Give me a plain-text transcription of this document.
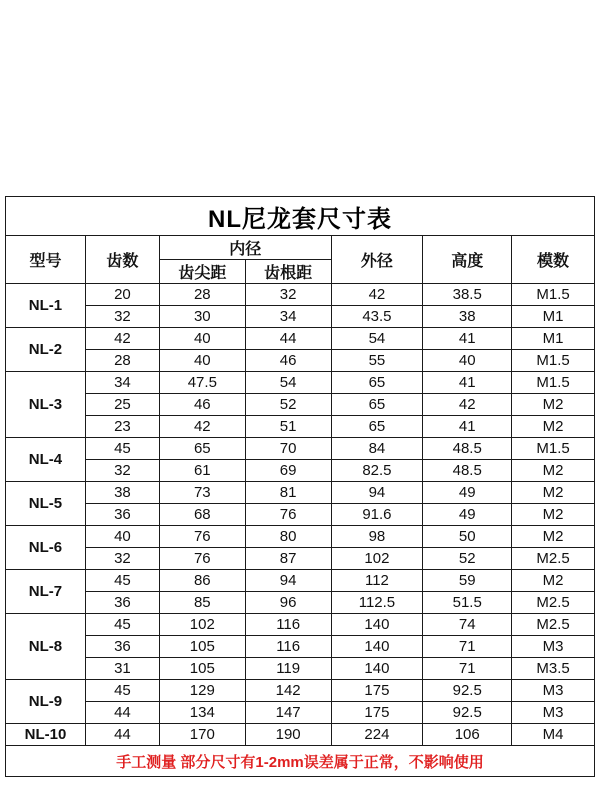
NL尼龙套尺寸表						
型号	齿数	内径		外径	高度	模数
		齿尖距	齿根距			
NL-1	20	28	32	42	38.5	M1.5
	32	30	34	43.5	38	M1
NL-2	42	40	44	54	41	M1
	28	40	46	55	40	M1.5
NL-3	34	47.5	54	65	41	M1.5
	25	46	52	65	42	M2
	23	42	51	65	41	M2
NL-4	45	65	70	84	48.5	M1.5
	32	61	69	82.5	48.5	M2
NL-5	38	73	81	94	49	M2
	36	68	76	91.6	49	M2
NL-6	40	76	80	98	50	M2
	32	76	87	102	52	M2.5
NL-7	45	86	94	112	59	M2
	36	85	96	112.5	51.5	M2.5
NL-8	45	102	116	140	74	M2.5
	36	105	116	140	71	M3
	31	105	119	140	71	M3.5
NL-9	45	129	142	175	92.5	M3
	44	134	147	175	92.5	M3
NL-10	44	170	190	224	106	M4
手工测量 部分尺寸有1-2mm误差属于正常，不影响使用						
